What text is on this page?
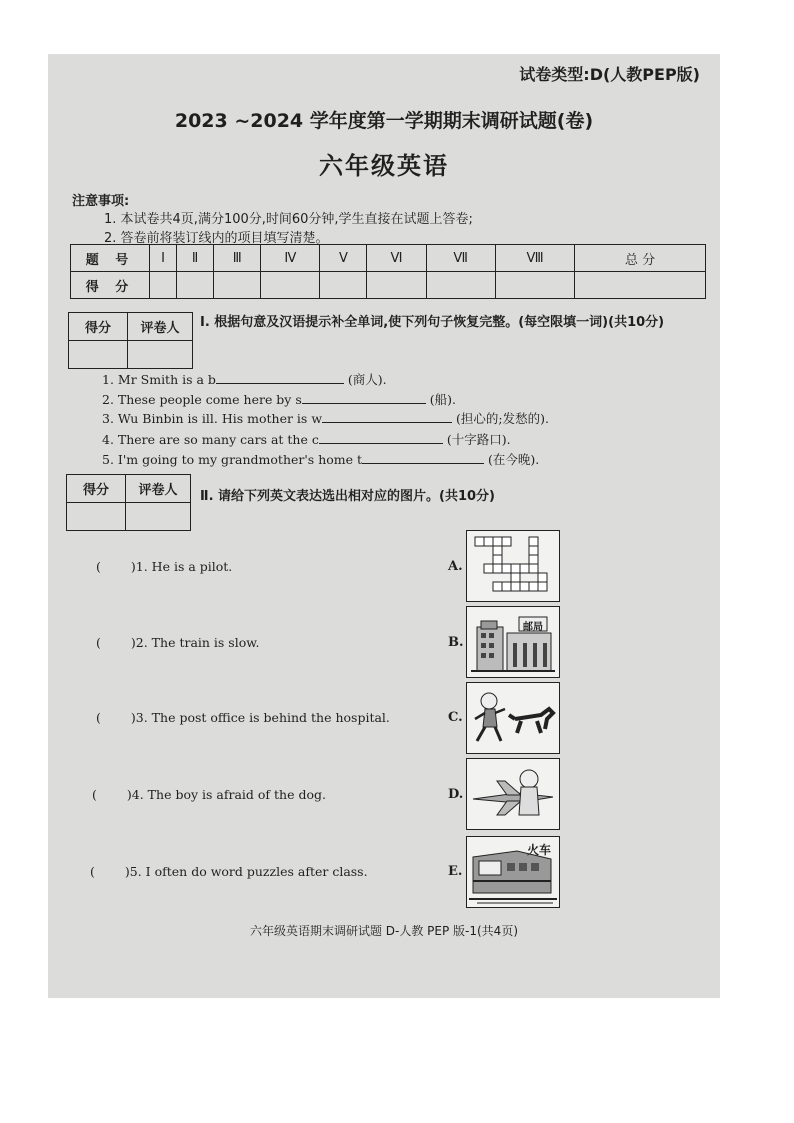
试卷类型:D(人教PEP版)
2023 ~2024 学年度第一学期期末调研试题(卷)
六年级英语
注意事项:
1. 本试卷共4页,满分100分,时间60分钟,学生直接在试题上答卷;
2. 答卷前将装订线内的项目填写清楚。
题 号	Ⅰ	Ⅱ	Ⅲ	Ⅳ	Ⅴ	Ⅵ	Ⅶ	Ⅷ	总 分
得 分									
得分	评卷人
	Ⅰ. 根据句意及汉语提示补全单词,使下列句子恢复完整。(每空限填一词)(共10分)
1. Mr Smith is a b	(商人).
2. These people come here by s	(船).
3. Wu Binbin is ill. His mother is w	(担心的;发愁的).
4. There are so many cars at the c	(十字路口).
5. I'm going to my grandmother's home t	(在今晚).
得分	评卷人
	Ⅱ. 请给下列英文表达选出相对应的图片。(共10分)
( )1. He is a pilot.
( )2. The train is slow.
( )3. The post office is behind the hospital.
( )4. The boy is afraid of the dog.
( )5. I often do word puzzles after class.
A.
B.
邮局
C.
D.
E.
火车
六年级英语期末调研试题 D-人教 PEP 版-1(共4页)
